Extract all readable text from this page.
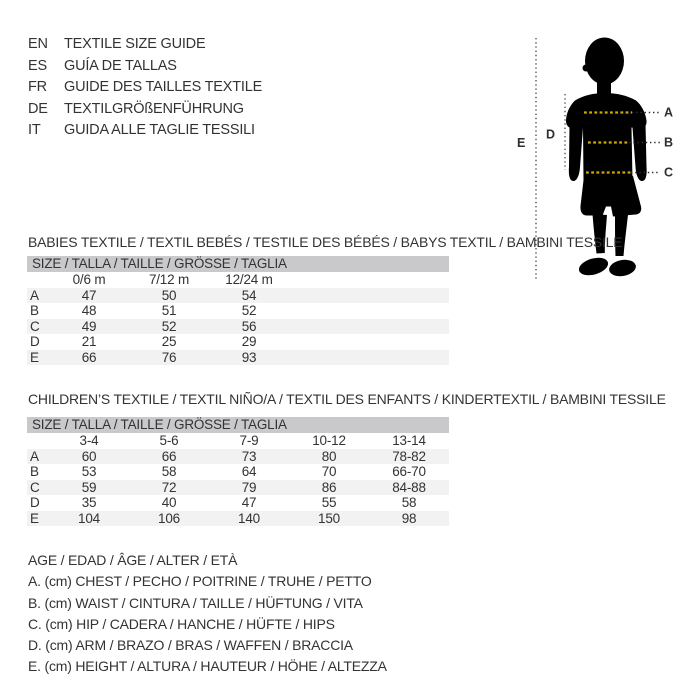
EN	TEXTILE SIZE GUIDE
ES	GUÍA DE TALLAS
FR	GUIDE DES TAILLES TEXTILE
DE	TEXTILGRÖßENFÜHRUNG
IT	GUIDA ALLE TAGLIE TESSILI
E
D
A
B
C
BABIES TEXTILE / TEXTIL BEBÉS / TESTILE DES BÉBÉS / BABYS TEXTIL / BAMBINI TESSILE
SIZE / TALLA / TAILLE / GRÖSSE / TAGLIA
0/6 m	7/12 m	12/24 m
A	47	50	54
B	48	51	52
C	49	52	56
D	21	25	29
E	66	76	93
CHILDREN’S TEXTILE / TEXTIL NIÑO/A / TEXTIL DES ENFANTS / KINDERTEXTIL / BAMBINI TESSILE
SIZE / TALLA / TAILLE / GRÖSSE / TAGLIA
3-4	5-6	7-9	10-12	13-14
A	60	66	73	80	78-82
B	53	58	64	70	66-70
C	59	72	79	86	84-88
D	35	40	47	55	58
E	104	106	140	150	98
AGE / EDAD / ÂGE / ALTER / ETÀ
A. (cm) CHEST / PECHO / POITRINE / TRUHE / PETTO
B. (cm) WAIST / CINTURA / TAILLE / HÜFTUNG / VITA
C. (cm) HIP / CADERA / HANCHE / HÜFTE / HIPS
D. (cm) ARM / BRAZO / BRAS / WAFFEN / BRACCIA
E. (cm) HEIGHT / ALTURA / HAUTEUR / HÖHE / ALTEZZA
